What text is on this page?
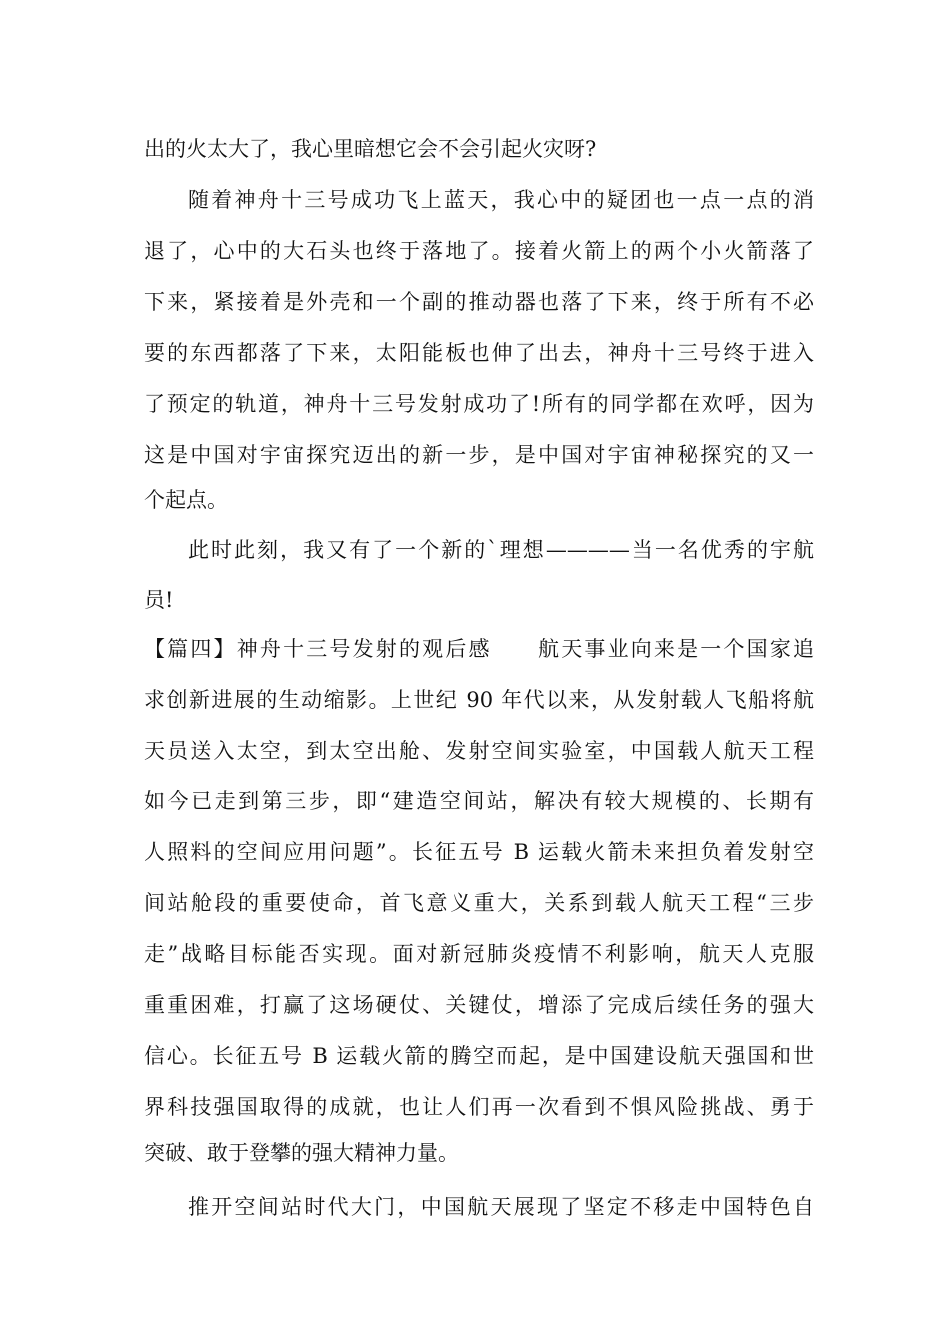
出的火太大了，我心里暗想它会不会引起火灾呀?
随着神舟十三号成功飞上蓝天，我心中的疑团也一点一点的消
退了，心中的大石头也终于落地了。接着火箭上的两个小火箭落了
下来，紧接着是外壳和一个副的推动器也落了下来，终于所有不必
要的东西都落了下来，太阳能板也伸了出去，神舟十三号终于进入
了预定的轨道，神舟十三号发射成功了!所有的同学都在欢呼，因为
这是中国对宇宙探究迈出的新一步，是中国对宇宙神秘探究的又一
个起点。
此时此刻，我又有了一个新的`理想————当一名优秀的宇航
员!
【篇四】神舟十三号发射的观后感　　航天事业向来是一个国家追
求创新进展的生动缩影。上世纪 90 年代以来，从发射载人飞船将航
天员送入太空，到太空出舱、发射空间实验室，中国载人航天工程
如今已走到第三步，即“建造空间站，解决有较大规模的、长期有
人照料的空间应用问题”。长征五号 B 运载火箭未来担负着发射空
间站舱段的重要使命，首飞意义重大，关系到载人航天工程“三步
走”战略目标能否实现。面对新冠肺炎疫情不利影响，航天人克服
重重困难，打赢了这场硬仗、关键仗，增添了完成后续任务的强大
信心。长征五号 B 运载火箭的腾空而起，是中国建设航天强国和世
界科技强国取得的成就，也让人们再一次看到不惧风险挑战、勇于
突破、敢于登攀的强大精神力量。
推开空间站时代大门，中国航天展现了坚定不移走中国特色自
